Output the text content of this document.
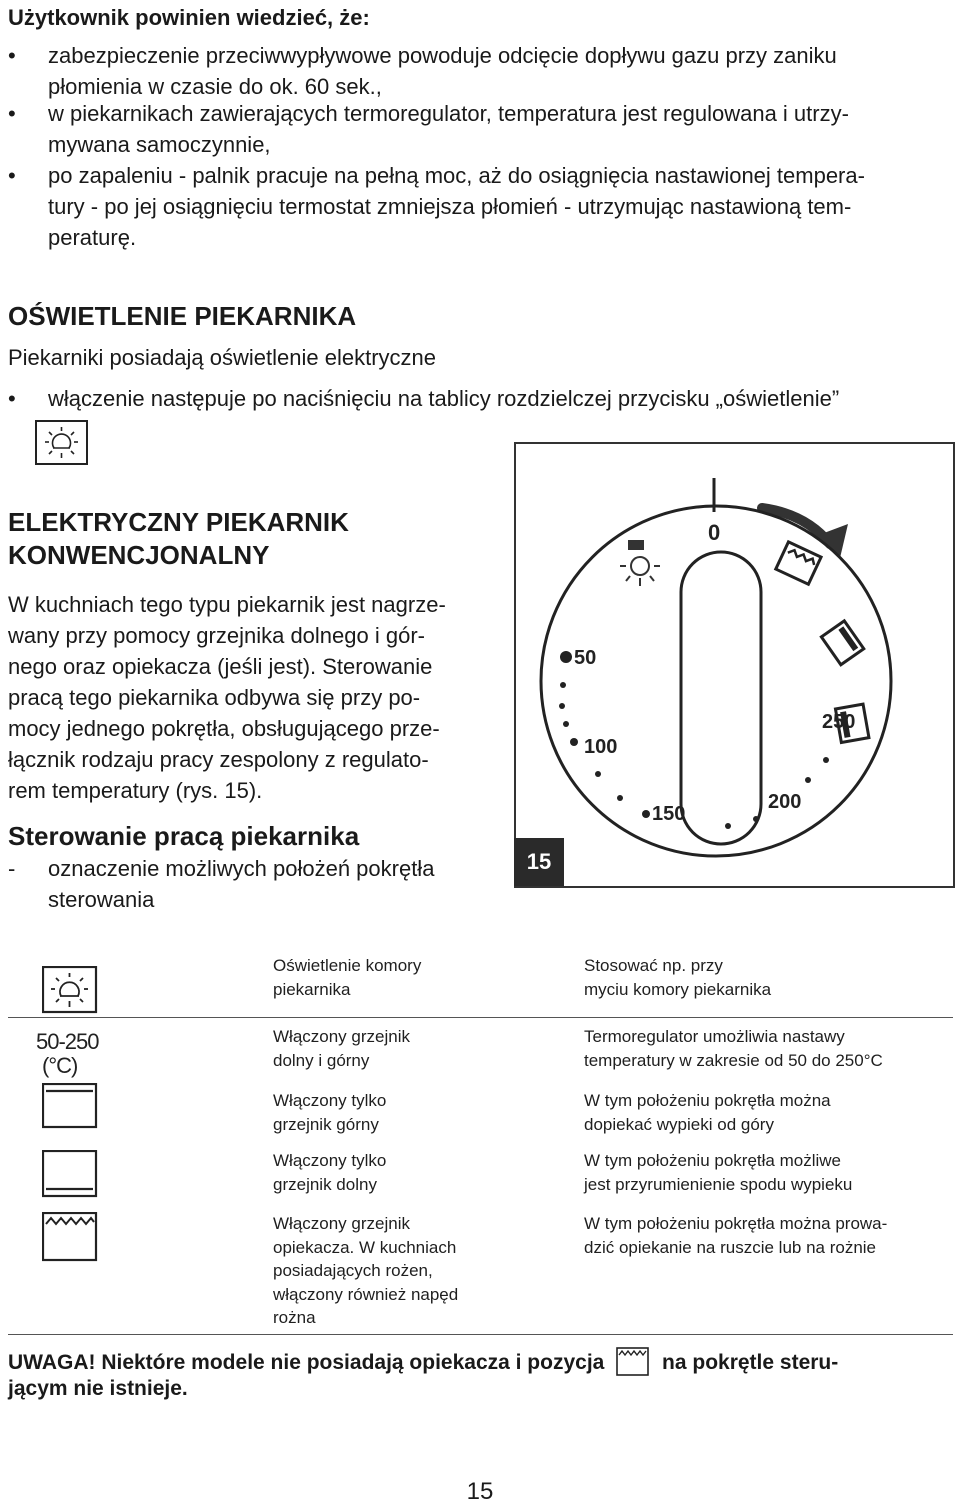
Użytkownik powinien wiedzieć, że:
• zabezpieczenie przeciwwypływowe powoduje odcięcie dopływu gazu przy zaniku
płomienia w czasie do ok. 60 sek.,
• w piekarnikach zawierających termoregulator, temperatura jest regulowana i utrzy-
mywana samoczynnie,
• po zapaleniu - palnik pracuje na pełną moc, aż do osiągnięcia nastawionej tempera-
tury - po jej osiągnięciu termostat zmniejsza płomień - utrzymując nastawioną tem-
peraturę.
OŚWIETLENIE PIEKARNIKA
Piekarniki posiadają oświetlenie elektryczne
• włączenie następuje po naciśnięciu na tablicy rozdzielczej przycisku „oświetlenie”
ELEKTRYCZNY PIEKARNIK
KONWENCJONALNY
W kuchniach tego typu piekarnik jest nagrze-
wany przy pomocy grzejnika dolnego i gór-
nego oraz opiekacza (jeśli jest). Sterowanie
pracą tego piekarnika odbywa się przy po-
mocy jednego pokrętła, obsługującego prze-
łącznik rodzaju pracy zespolony z regulato-
rem temperatury (rys. 15).
Sterowanie pracą piekarnika
- oznaczenie możliwych położeń pokrętła
sterowania
15
0
50
100
150
200
250
Oświetlenie komory
piekarnika
Stosować np. przy
myciu komory piekarnika
50-250
(°C)
Włączony grzejnik
dolny i górny
Termoregulator umożliwia nastawy
temperatury w zakresie od 50 do 250°C
Włączony tylko
grzejnik górny
W tym położeniu pokrętła można
dopiekać wypieki od góry
Włączony tylko
grzejnik dolny
W tym położeniu pokrętła możliwe
jest przyrumienienie spodu wypieku
Włączony grzejnik
opiekacza. W kuchniach
posiadających rożen,
włączony również napęd
rożna
W tym położeniu pokrętła można prowa-
dzić opiekanie na ruszcie lub na rożnie
UWAGA! Niektóre modele nie posiadają opiekacza i pozycja	na pokrętle steru-
jącym nie istnieje.
15
